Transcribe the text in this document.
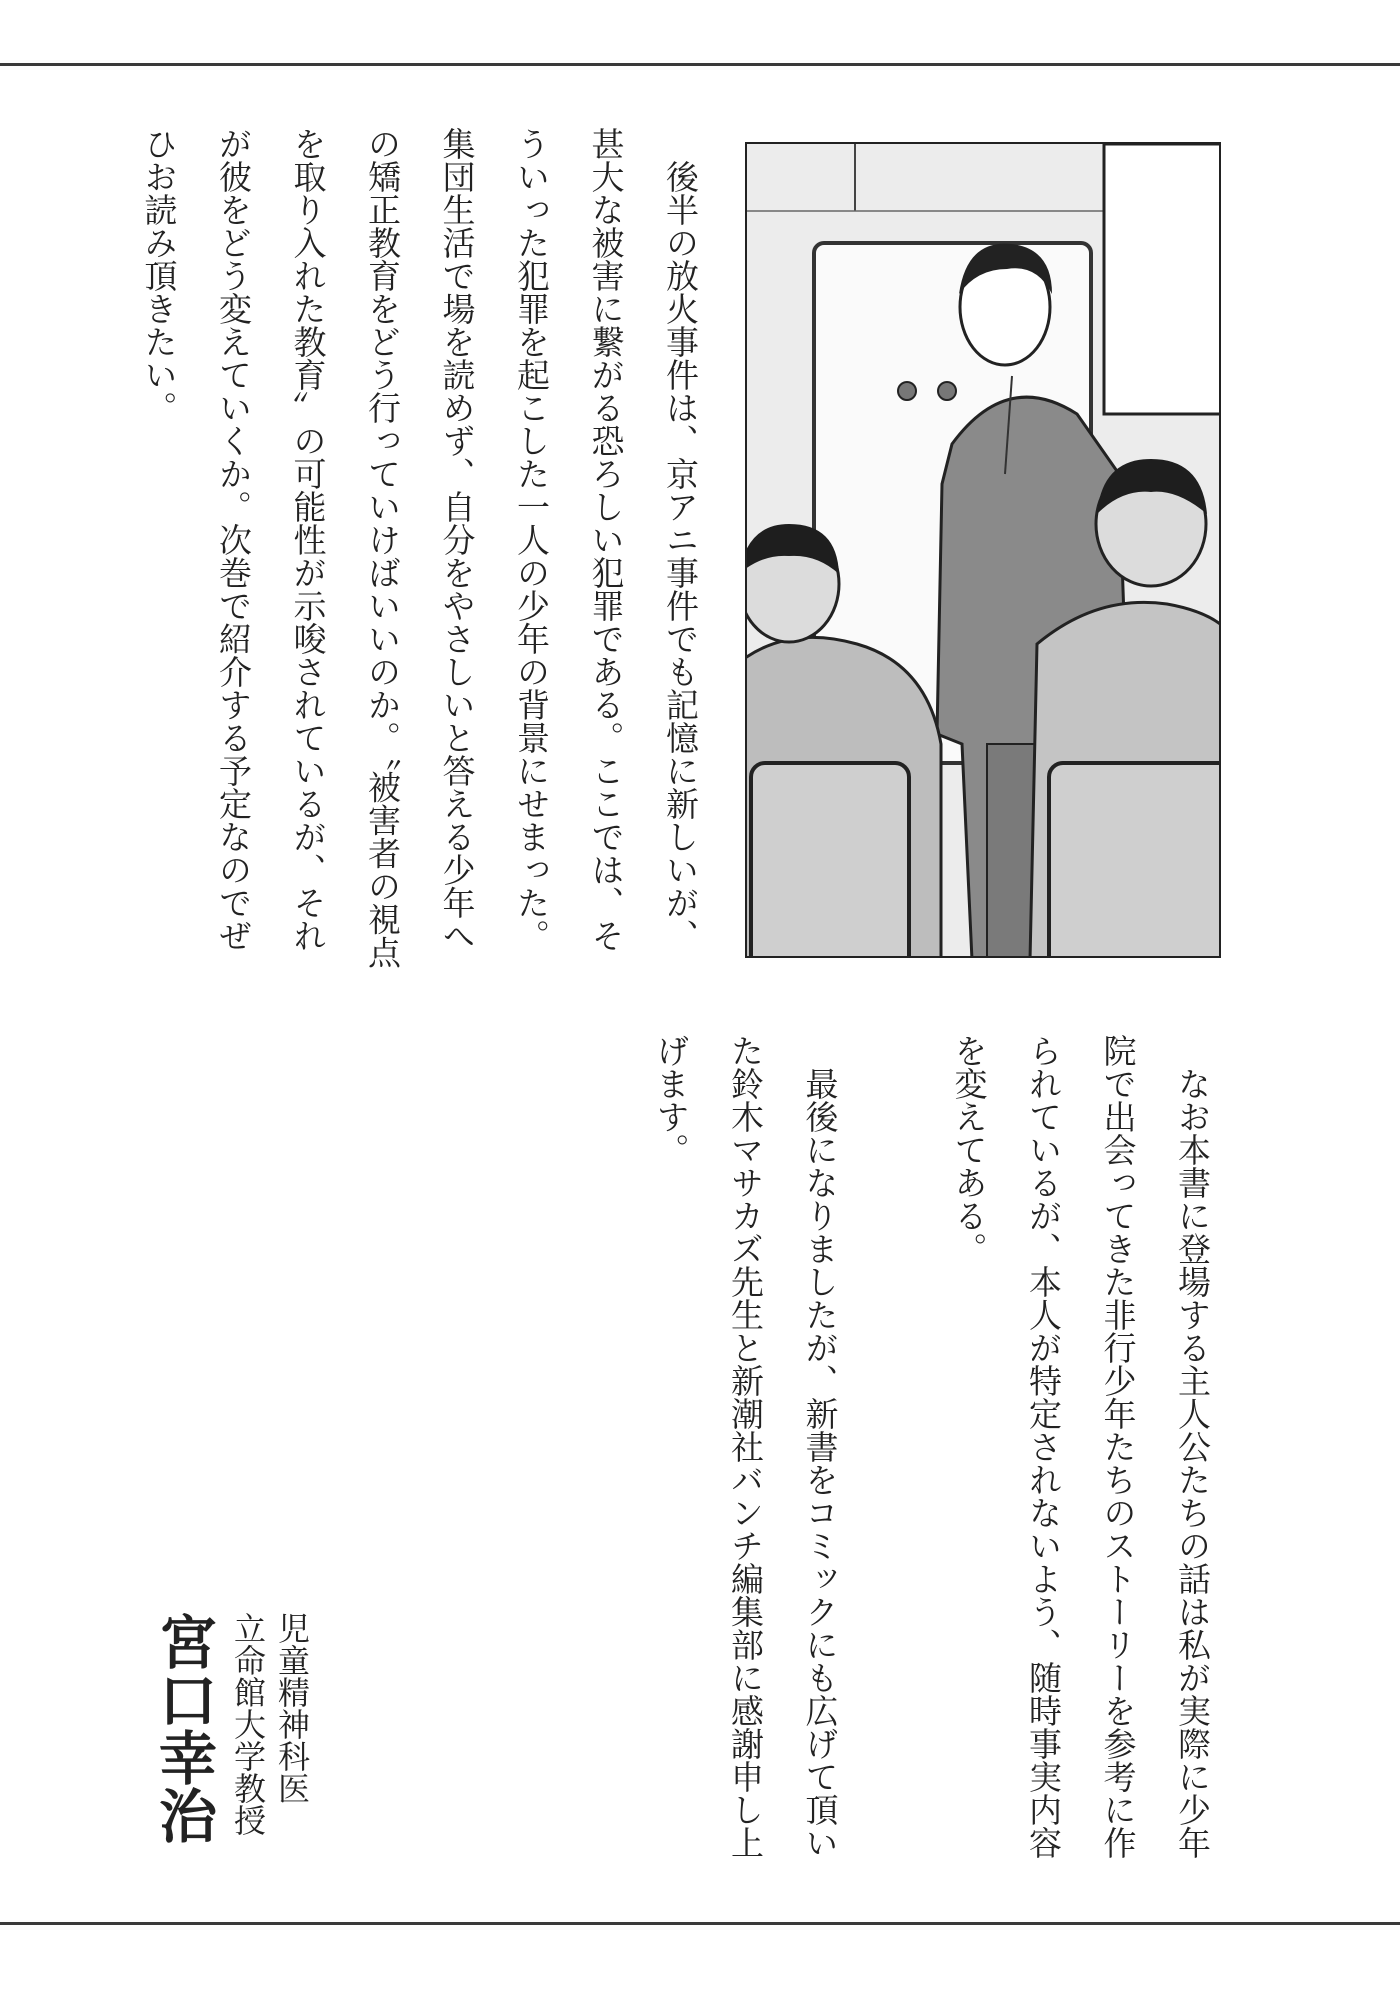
後半の放火事件は、京アニ事件でも記憶に新しいが、
甚大な被害に繋がる恐ろしい犯罪である。ここでは、そ
ういった犯罪を起こした一人の少年の背景にせまった。
集団生活で場を読めず、自分をやさしいと答える少年へ
の矯正教育をどう行っていけばいいのか。〝被害者の視点
を取り入れた教育〟の可能性が示唆されているが、それ
が彼をどう変えていくか。次巻で紹介する予定なのでぜ
ひお読み頂きたい。
なお本書に登場する主人公たちの話は私が実際に少年
院で出会ってきた非行少年たちのストーリーを参考に作
られているが、本人が特定されないよう、随時事実内容
を変えてある。
最後になりましたが、新書をコミックにも広げて頂い
た鈴木マサカズ先生と新潮社バンチ編集部に感謝申し上
げます。
児童精神科医
立命館大学教授
宮口幸治
